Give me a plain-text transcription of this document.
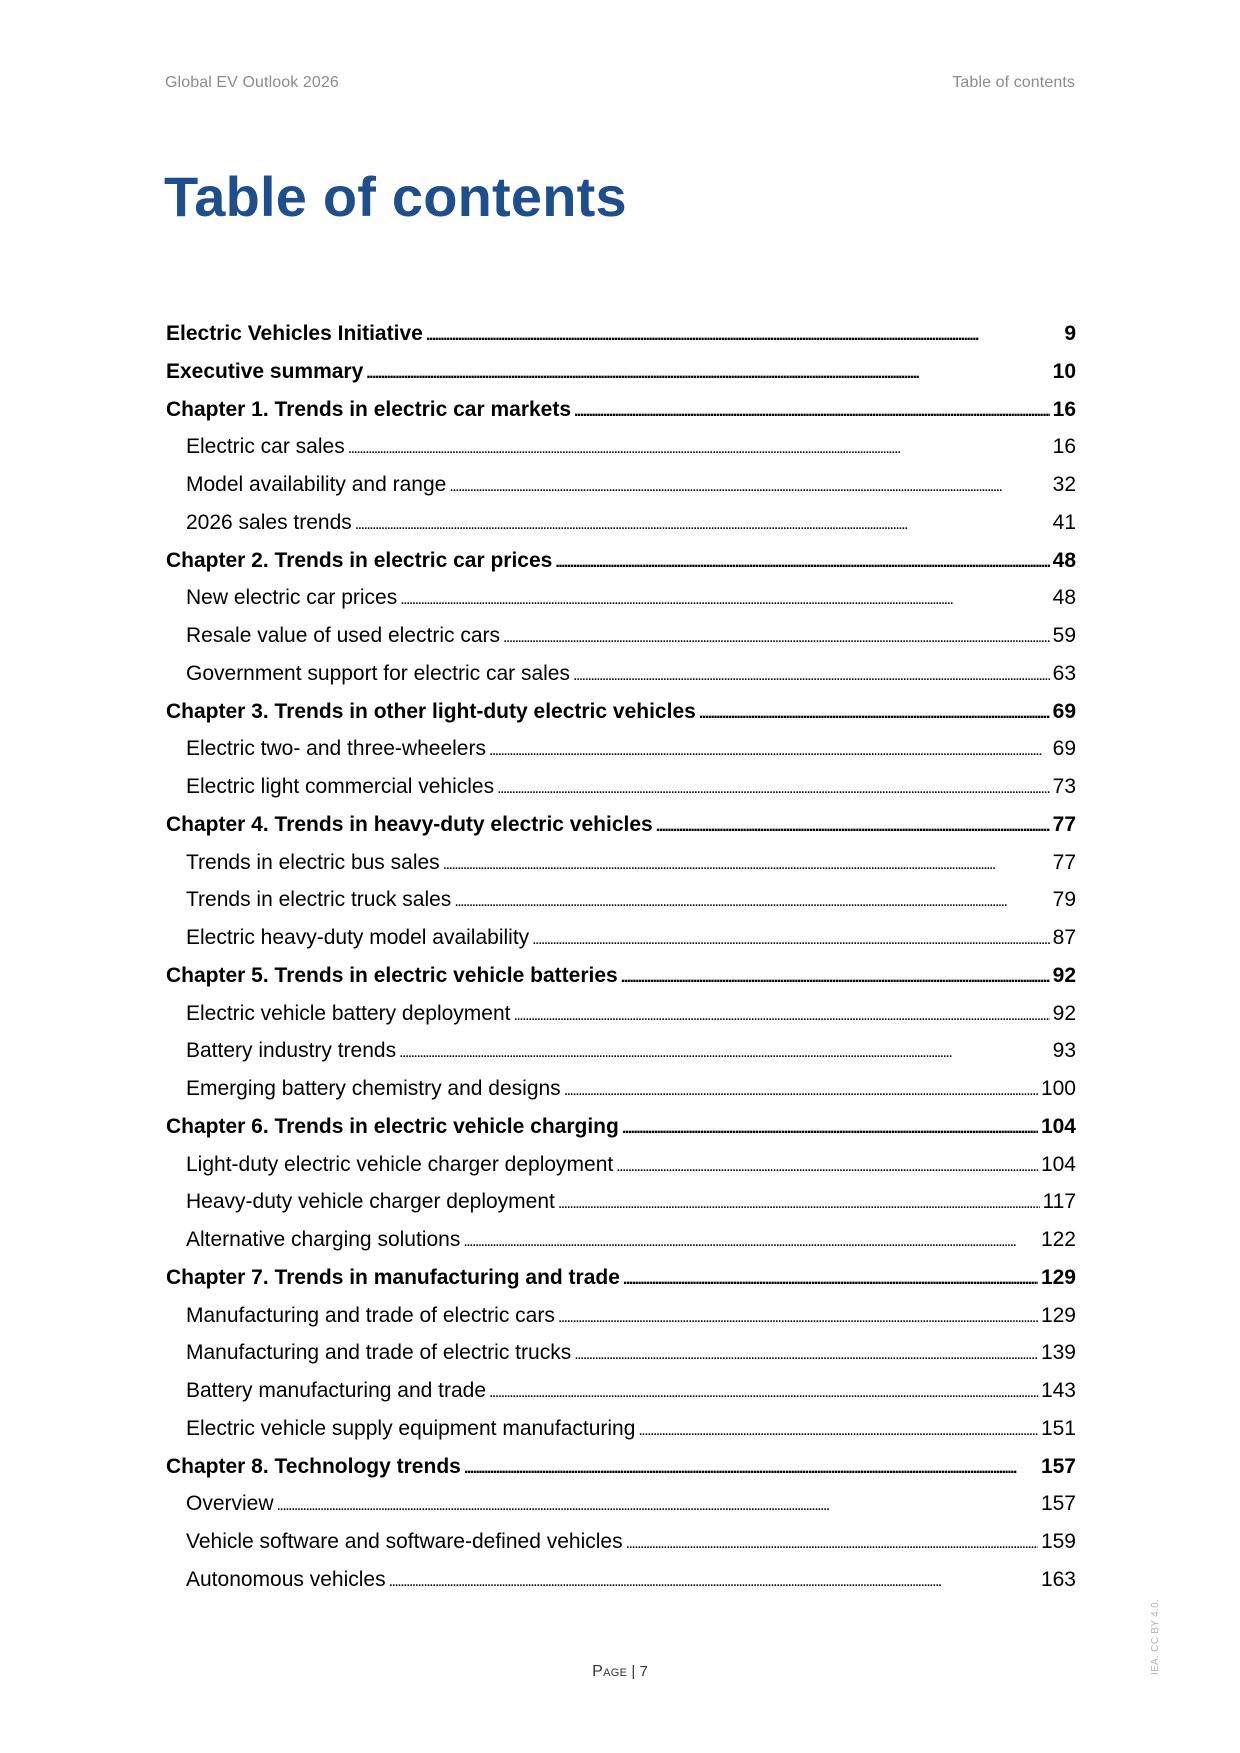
Global EV Outlook 2026	Table of contents
Table of contents
Electric Vehicles Initiative . . .	9
Executive summary . . .	10
Chapter 1. Trends in electric car markets . . .	16
Electric car sales . . .	16
Model availability and range . . .	32
2026 sales trends . . .	41
Chapter 2. Trends in electric car prices . . .	48
New electric car prices . . .	48
Resale value of used electric cars . . .	59
Government support for electric car sales . . .	63
Chapter 3. Trends in other light-duty electric vehicles . . .	69
Electric two- and three-wheelers . . .	69
Electric light commercial vehicles . . .	73
Chapter 4. Trends in heavy-duty electric vehicles . . .	77
Trends in electric bus sales . . .	77
Trends in electric truck sales . . .	79
Electric heavy-duty model availability . . .	87
Chapter 5. Trends in electric vehicle batteries . . .	92
Electric vehicle battery deployment . . .	92
Battery industry trends . . .	93
Emerging battery chemistry and designs . . .	100
Chapter 6. Trends in electric vehicle charging . . .	104
Light-duty electric vehicle charger deployment . . .	104
Heavy-duty vehicle charger deployment . . .	117
Alternative charging solutions . . .	122
Chapter 7. Trends in manufacturing and trade . . .	129
Manufacturing and trade of electric cars . . .	129
Manufacturing and trade of electric trucks . . .	139
Battery manufacturing and trade . . .	143
Electric vehicle supply equipment manufacturing . . .	151
Chapter 8. Technology trends . . .	157
Overview . . .	157
Vehicle software and software-defined vehicles . . .	159
Autonomous vehicles . . .	163
Page | 7	IEA. CC BY 4.0.
